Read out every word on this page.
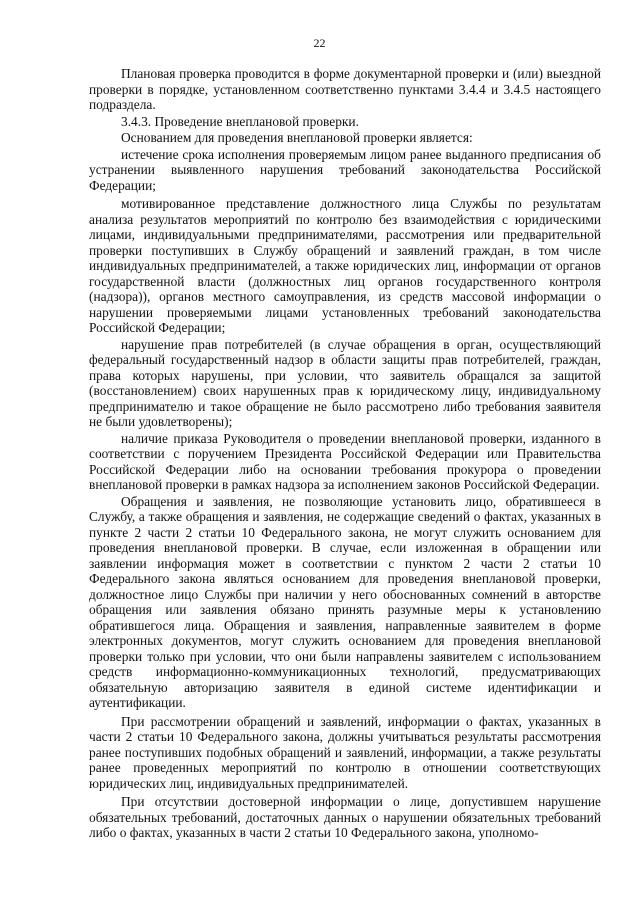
22

Плановая проверка проводится в форме документарной проверки и (или) выездной проверки в порядке, установленном соответственно пунктами 3.4.4 и 3.4.5 настоящего подраздела.

3.4.3. Проведение внеплановой проверки.

Основанием для проведения внеплановой проверки является:

истечение срока исполнения проверяемым лицом ранее выданного предписания об устранении выявленного нарушения требований законодательства Российской Федерации;

мотивированное представление должностного лица Службы по результатам анализа результатов мероприятий по контролю без взаимодействия с юридическими лицами, индивидуальными предпринимателями, рассмотрения или предварительной проверки поступивших в Службу обращений и заявлений граждан, в том числе индивидуальных предпринимателей, а также юридических лиц, информации от органов государственной власти (должностных лиц органов государственного контроля (надзора)), органов местного самоуправления, из средств массовой информации о нарушении проверяемыми лицами установленных требований законодательства Российской Федерации;

нарушение прав потребителей (в случае обращения в орган, осуществляющий федеральный государственный надзор в области защиты прав потребителей, граждан, права которых нарушены, при условии, что заявитель обращался за защитой (восстановлением) своих нарушенных прав к юридическому лицу, индивидуальному предпринимателю и такое обращение не было рассмотрено либо требования заявителя не были удовлетворены);

наличие приказа Руководителя о проведении внеплановой проверки, изданного в соответствии с поручением Президента Российской Федерации или Правительства Российской Федерации либо на основании требования прокурора о проведении внеплановой проверки в рамках надзора за исполнением законов Российской Федерации.

Обращения и заявления, не позволяющие установить лицо, обратившееся в Службу, а также обращения и заявления, не содержащие сведений о фактах, указанных в пункте 2 части 2 статьи 10 Федерального закона, не могут служить основанием для проведения внеплановой проверки. В случае, если изложенная в обращении или заявлении информация может в соответствии с пунктом 2 части 2 статьи 10 Федерального закона являться основанием для проведения внеплановой проверки, должностное лицо Службы при наличии у него обоснованных сомнений в авторстве обращения или заявления обязано принять разумные меры к установлению обратившегося лица. Обращения и заявления, направленные заявителем в форме электронных документов, могут служить основанием для проведения внеплановой проверки только при условии, что они были направлены заявителем с использованием средств информационно-коммуникационных технологий, предусматривающих обязательную авторизацию заявителя в единой системе идентификации и аутентификации.

При рассмотрении обращений и заявлений, информации о фактах, указанных в части 2 статьи 10 Федерального закона, должны учитываться результаты рассмотрения ранее поступивших подобных обращений и заявлений, информации, а также результаты ранее проведенных мероприятий по контролю в отношении соответствующих юридических лиц, индивидуальных предпринимателей.

При отсутствии достоверной информации о лице, допустившем нарушение обязательных требований, достаточных данных о нарушении обязательных требований либо о фактах, указанных в части 2 статьи 10 Федерального закона, уполномо-
